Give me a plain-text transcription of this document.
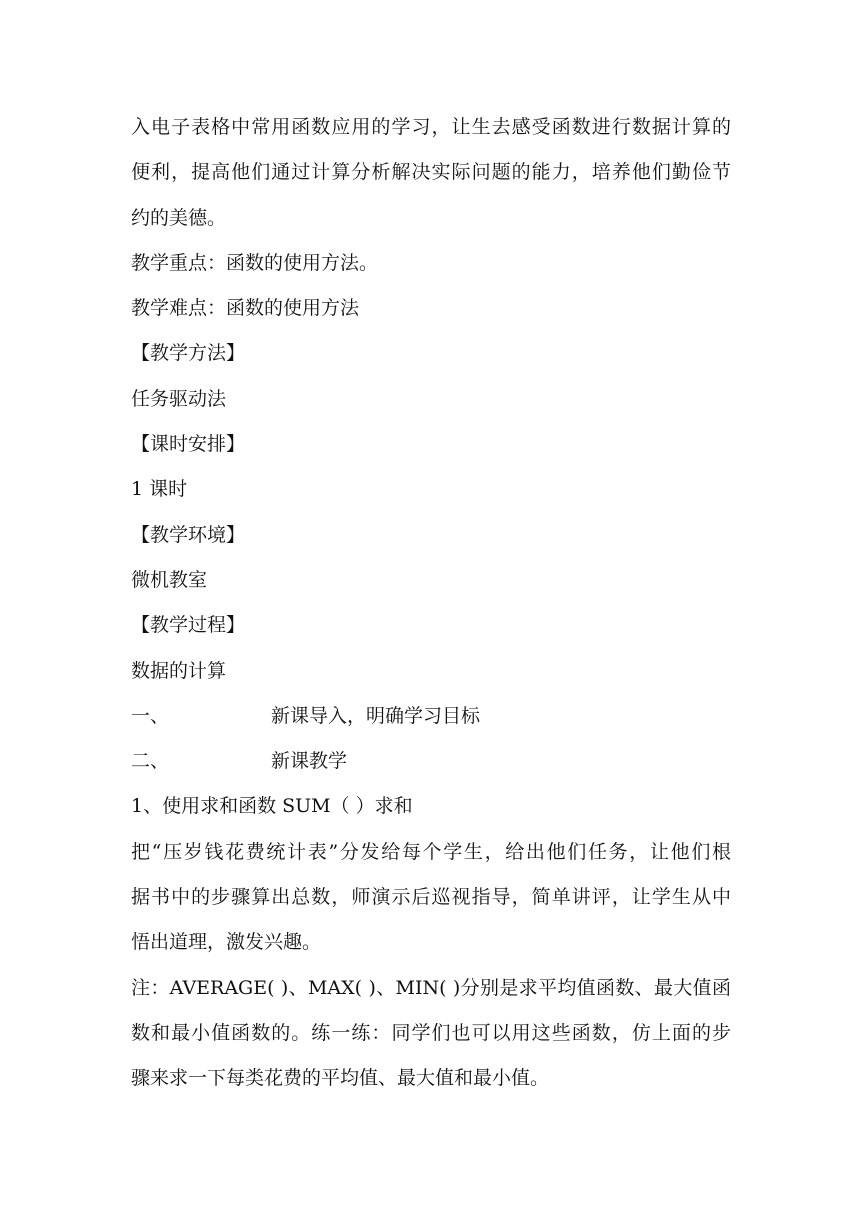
入电子表格中常用函数应用的学习，让生去感受函数进行数据计算的
便利，提高他们通过计算分析解决实际问题的能力，培养他们勤俭节
约的美德。
教学重点：函数的使用方法。
教学难点：函数的使用方法
【教学方法】
任务驱动法
【课时安排】
1 课时
【教学环境】
微机教室
【教学过程】
数据的计算
一、	新课导入，明确学习目标
二、	新课教学
1、使用求和函数 SUM（ ）求和
把“压岁钱花费统计表”分发给每个学生，给出他们任务，让他们根
据书中的步骤算出总数，师演示后巡视指导，简单讲评，让学生从中
悟出道理，激发兴趣。
注：AVERAGE( )、MAX( )、MIN( )分别是求平均值函数、最大值函
数和最小值函数的。练一练：同学们也可以用这些函数，仿上面的步
骤来求一下每类花费的平均值、最大值和最小值。
